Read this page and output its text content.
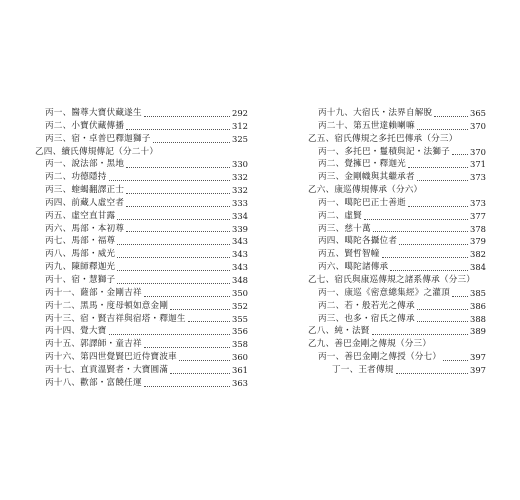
丙一、醫尊大寶伏藏遂生	292
丙二、小寶伏藏傳播	312
丙三、宿・卓普巴釋迦獅子	325
乙四、續氏傳規傳記（分二十）
丙一、說法部・黑地	330
丙二、功德隱持	332
丙三、蝰蝎翻譯正士	332
丙四、前藏人虛空者	333
丙五、虛空直甘露	334
丙六、馬部・本初尊	339
丙七、馬部・福尊	343
丙八、馬部・威光	343
丙九、陳師釋迦光	343
丙十、宿・慧獅子	348
丙十一、薩部・金剛吉祥	350
丙十二、黑馬・度母頓如意金剛	352
丙十三、宿・賢吉祥與宿塔・釋迦生	355
丙十四、覺大寶	356
丙十五、郭譯師・童吉祥	358
丙十六、第四世覺賢巴近侍寶波車	360
丙十七、直貢溫賢者・大寶圓滿	361
丙十八、歡部・富饒任運	363
丙十九、大宿氏・法界自解脫	365
丙二十、第五世達賴喇嘛	370
乙五、宿氏傳規之多托巴傳承（分三）
丙一、多托巴・鬘積與記・法獅子 370
丙二、覺擁巴・釋迦光	371
丙三、金剛幟與其繼承者	373
乙六、康巡傳規傳承（分六）
丙一、噶陀巴正士善逝	373
丙二、虛賢	377
丙三、慈十萬	378
丙四、噶陀各攝位者	379
丙五、賢哲智幢	382
丙六、噶陀諸傳承	384
乙七、宿氏與康巡傳規之諸系傳承（分三）
丙一、康巡《密意總集經》之灌頂 385
丙二、若・般若光之傳承	386
丙三、也多・宿氏之傳承	388
乙八、純・法賢	389
乙九、善巴金剛之傳規（分三）
丙一、善巴金剛之傳授（分七）	397
丁一、王者傳規	397
